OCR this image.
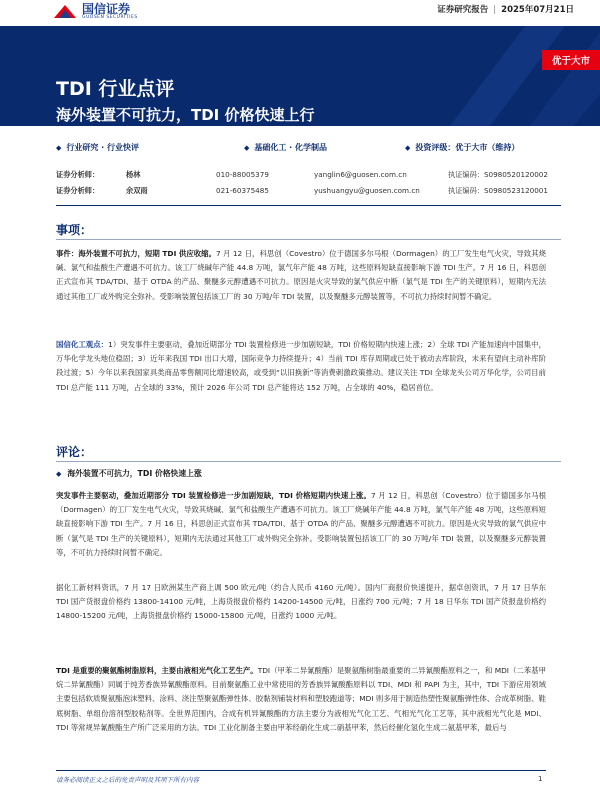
国信证券
GUOSEN SECURITIES
证券研究报告 | 2025年07月21日
TDI 行业点评
海外装置不可抗力，TDI 价格快速上行
优于大市
◆ 行业研究 · 行业快评	◆ 基础化工 · 化学制品	◆ 投资评级：优于大市（维持）
证券分析师：	杨林	010-88005379	yanglin6@guosen.com.cn	执证编码：S0980520120002
证券分析师：	余双雨	021-60375485	yushuangyu@guosen.com.cn	执证编码：S0980523120001
事项：
事件：海外装置不可抗力，短期 TDI 供应收缩。7 月 12 日，科思创（Covestro）位于德国多尔马根（Dormagen）的工厂发生电气火灾，导致其烧碱、氯气和盐酸生产遭遇不可抗力。该工厂烧碱年产能 44.8 万吨，氯气年产能 48 万吨，这些原料短缺直接影响下游 TDI 生产。7 月 16 日，科思创正式宣布其 TDA/TDI、基于 OTDA 的产品、聚醚多元醇遭遇不可抗力。原因是火灾导致的氯气供应中断（氯气是 TDI 生产的关键原料），短期内无法通过其他工厂或外购完全弥补。受影响装置包括该工厂的 30 万吨/年 TDI 装置，以及聚醚多元醇装置等，不可抗力持续时间暂不确定。
国信化工观点：1）突发事件主要驱动，叠加近期部分 TDI 装置检修进一步加剧短缺，TDI 价格短期内快速上涨；2）全球 TDI 产能加速向中国集中，万华化学龙头地位稳固；3）近年来我国 TDI 出口大增，国际竞争力持续提升；4）当前 TDI 库存周期或已处于被动去库阶段，未来有望向主动补库阶段过渡；5）今年以来我国家具类商品零售额同比增速较高，或受到“以旧换新”等消费刺激政策推动。建议关注 TDI 全球龙头公司万华化学，公司目前 TDI 总产能 111 万吨，占全球的 33%，预计 2026 年公司 TDI 总产能将达 152 万吨，占全球的 40%，稳居首位。
评论：
◆ 海外装置不可抗力，TDI 价格快速上涨
突发事件主要驱动，叠加近期部分 TDI 装置检修进一步加剧短缺，TDI 价格短期内快速上涨。7 月 12 日，科思创（Covestro）位于德国多尔马根（Dormagen）的工厂发生电气火灾，导致其烧碱、氯气和盐酸生产遭遇不可抗力。该工厂烧碱年产能 44.8 万吨，氯气年产能 48 万吨，这些原料短缺直接影响下游 TDI 生产。7 月 16 日，科思创正式宣布其 TDA/TDI、基于 OTDA 的产品、聚醚多元醇遭遇不可抗力。原因是火灾导致的氯气供应中断（氯气是 TDI 生产的关键原料），短期内无法通过其他工厂或外购完全弥补。受影响装置包括该工厂的 30 万吨/年 TDI 装置，以及聚醚多元醇装置等，不可抗力持续时间暂不确定。
据化工新材料资讯，7 月 17 日欧洲某生产商上调 500 欧元/吨（约合人民币 4160 元/吨）。国内厂商报价快速提升，据卓创资讯，7 月 17 日华东 TDI 国产货报盘价格约 13800-14100 元/吨，上海货报盘价格约 14200-14500 元/吨，日涨约 700 元/吨；7 月 18 日华东 TDI 国产货报盘价格约 14800-15200 元/吨，上海货报盘价格约 15000-15800 元/吨，日涨约 1000 元/吨。
TDI 是重要的聚氨酯树脂原料，主要由液相光气化工艺生产。TDI（甲苯二异氰酸酯）是聚氨酯树脂最重要的二异氰酸酯原料之一，和 MDI（二苯基甲烷二异氰酸酯）同属于纯芳香族异氰酸酯原料。目前聚氨酯工业中常使用的芳香族异氰酸酯原料以 TDI、MDI 和 PAPI 为主，其中，TDI 下游应用领域主要包括软质聚氨酯泡沫塑料、涂料、浇注型聚氨酯弹性体、胶黏剂铺装材料和塑胶跑道等；MDI 则多用于制造热塑性聚氨酯弹性体、合成革树脂、鞋底树脂、单组份溶剂型胶粘剂等。全世界范围内，合成有机异氰酸酯的方法主要分为液相光气化工艺、气相光气化工艺等，其中液相光气化是 MDI、TDI 等常规异氰酸酯生产所广泛采用的方法。TDI 工业化制备主要由甲苯经硝化生成二硝基甲苯，然后经催化氢化生成二氨基甲苯，最后与
请务必阅读正文之后的免责声明及其项下所有内容	1
